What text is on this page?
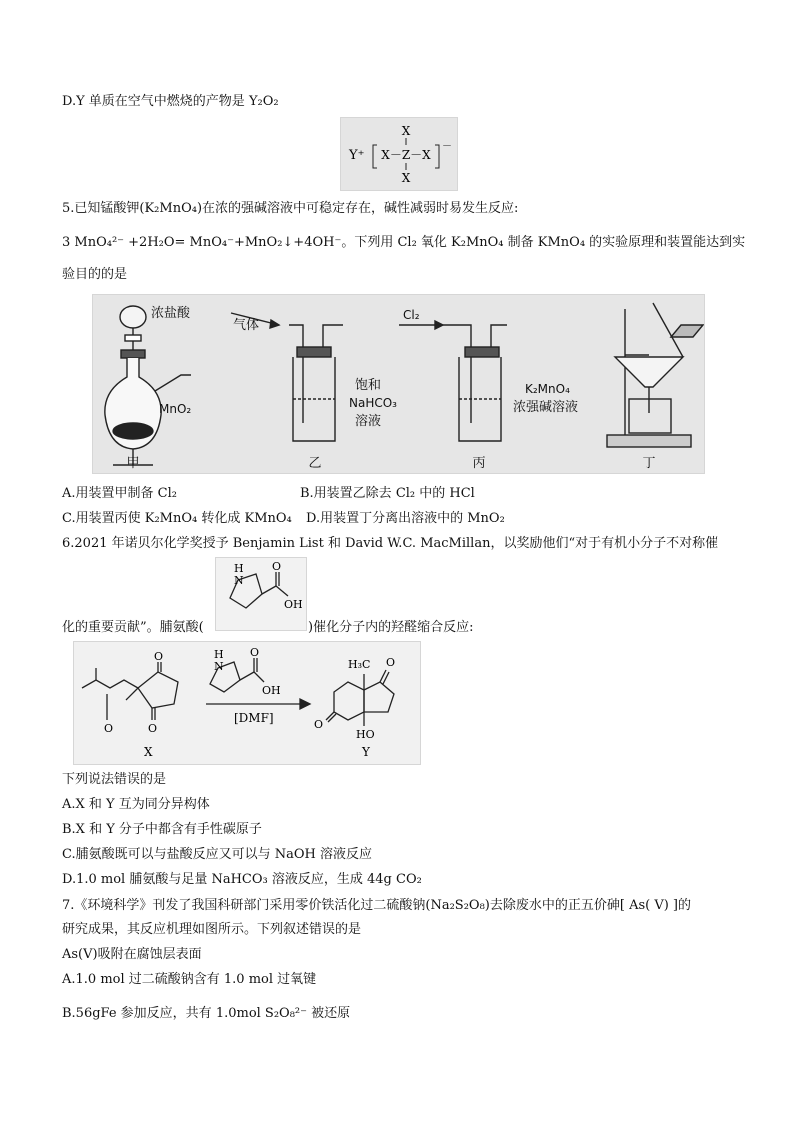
D.Y 单质在空气中燃烧的产物是 Y₂O₂
X
Y⁺ X－Z－X
－
X
5.已知锰酸钾(K₂MnO₄)在浓的强碱溶液中可稳定存在，碱性减弱时易发生反应:
3 MnO₄²⁻ +2H₂O= MnO₄⁻+MnO₂↓+4OH⁻。下列用 Cl₂ 氧化 K₂MnO₄ 制备 KMnO₄ 的实验原理和装置能达到实
验目的的是
浓盐酸
MnO₂
甲
气体
饱和
NaHCO₃
溶液
乙
Cl₂
K₂MnO₄
浓强碱溶液
丙	丁
A.用装置甲制备 Cl₂	B.用装置乙除去 Cl₂ 中的 HCl
C.用装置丙使 K₂MnO₄ 转化成 KMnO₄ D.用装置丁分离出溶液中的 MnO₂
6.2021 年诺贝尔化学奖授予 Benjamin List 和 David W.C. MacMillan，以奖励他们“对于有机小分子不对称催
H
N
O
OH
化的重要贡献”。脯氨酸(	)催化分子内的羟醛缩合反应:
O
O
O
X
H
N
O
OH
[DMF]
H₃C O
O
HO
Y
下列说法错误的是
A.X 和 Y 互为同分异构体
B.X 和 Y 分子中都含有手性碳原子
C.脯氨酸既可以与盐酸反应又可以与 NaOH 溶液反应
D.1.0 mol 脯氨酸与足量 NaHCO₃ 溶液反应，生成 44g CO₂
7.《环境科学》刊发了我国科研部门采用零价铁活化过二硫酸钠(Na₂S₂O₈)去除废水中的正五价砷[ As( V) ]的
研究成果，其反应机理如图所示。下列叙述错误的是
As(V)吸附在腐蚀层表面
A.1.0 mol 过二硫酸钠含有 1.0 mol 过氧键
B.56gFe 参加反应，共有 1.0mol S₂O₈²⁻ 被还原
